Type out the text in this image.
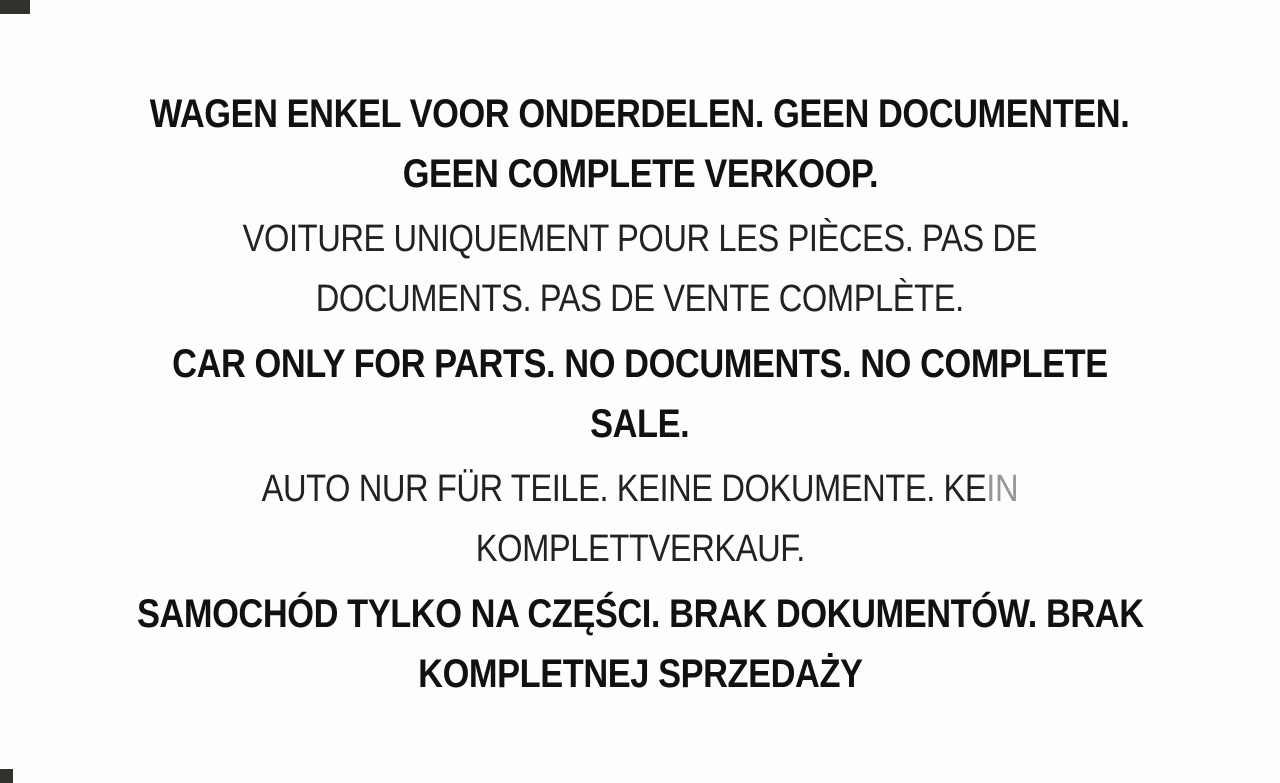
WAGEN ENKEL VOOR ONDERDELEN. GEEN DOCUMENTEN.
GEEN COMPLETE VERKOOP.
VOITURE UNIQUEMENT POUR LES PIÈCES. PAS DE
DOCUMENTS. PAS DE VENTE COMPLÈTE.
CAR ONLY FOR PARTS. NO DOCUMENTS. NO COMPLETE
SALE.
AUTO NUR FÜR TEILE. KEINE DOKUMENTE. KEIN
KOMPLETTVERKAUF.
SAMOCHÓD TYLKO NA CZĘŚCI. BRAK DOKUMENTÓW. BRAK
KOMPLETNEJ SPRZEDAŻY
